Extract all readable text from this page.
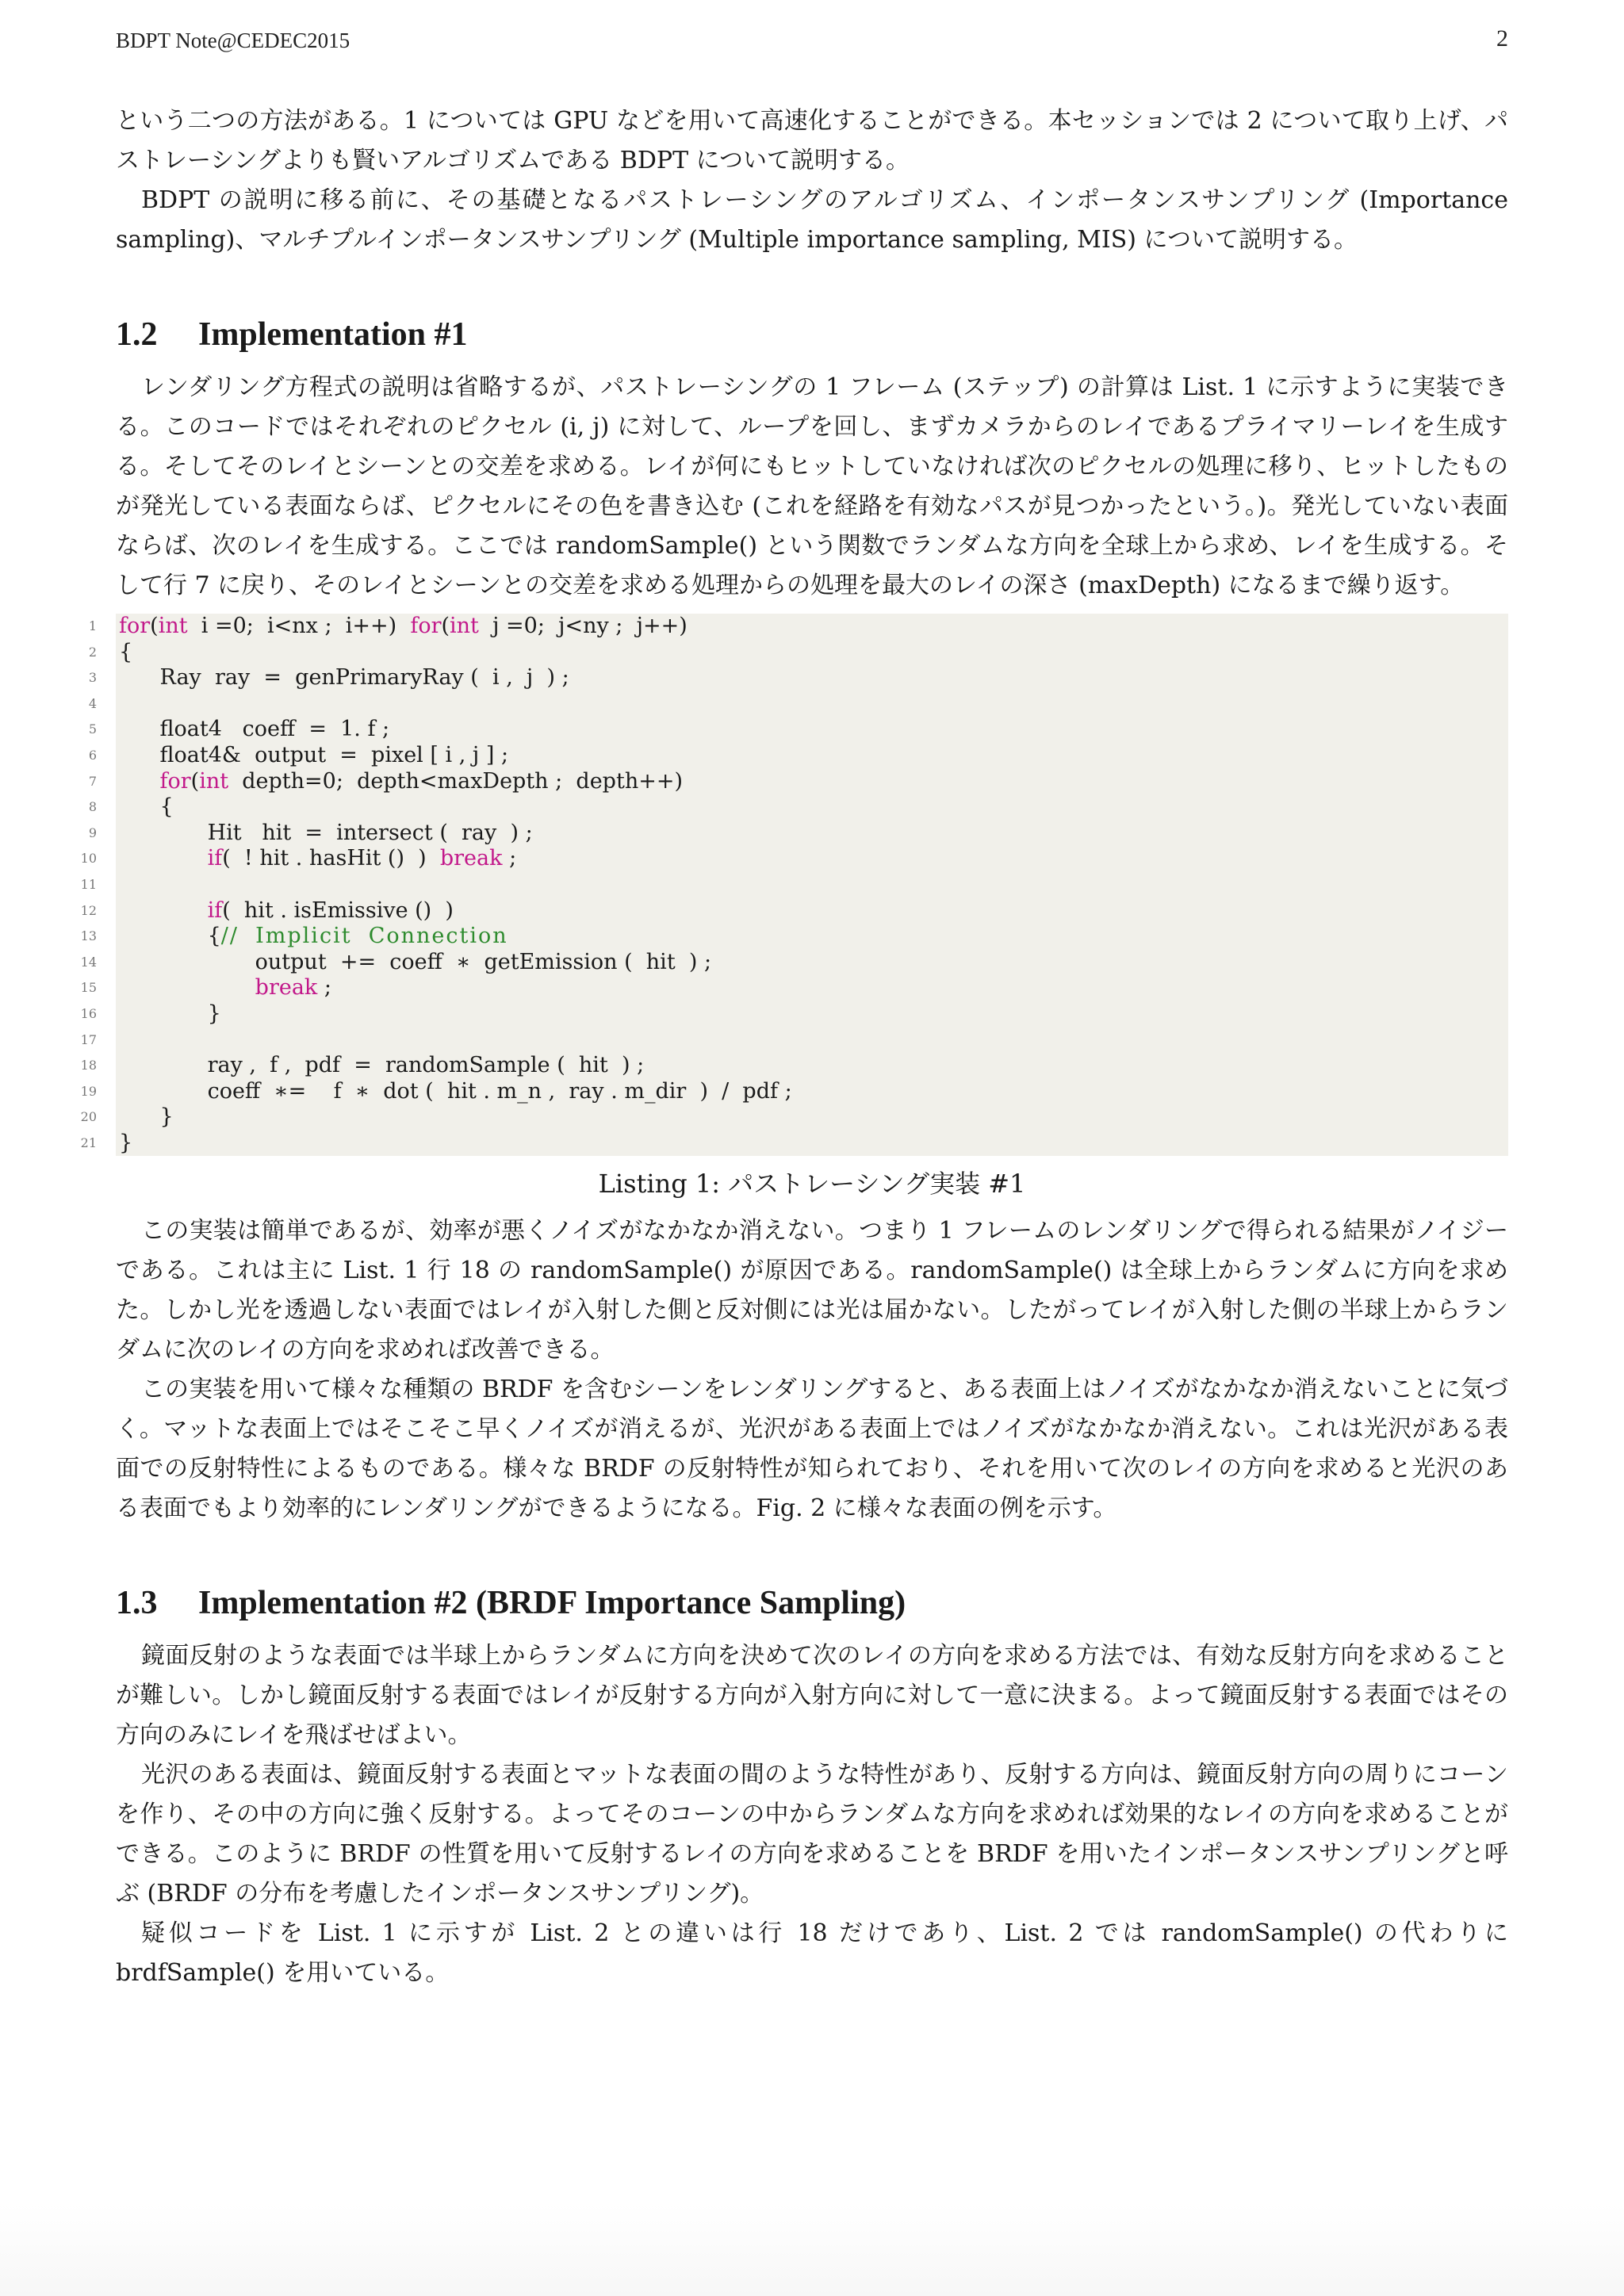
BDPT Note@CEDEC2015	2

という二つの方法がある。1 については GPU などを用いて高速化することができる。本セッションでは 2 について取り上げ、パストレーシングよりも賢いアルゴリズムである BDPT について説明する。

BDPT の説明に移る前に、その基礎となるパストレーシングのアルゴリズム、インポータンスサンプリング (Importance sampling)、マルチプルインポータンスサンプリング (Multiple importance sampling, MIS) について説明する。

1.2	Implementation #1

レンダリング方程式の説明は省略するが、パストレーシングの 1 フレーム (ステップ) の計算は List. 1 に示すように実装できる。このコードではそれぞれのピクセル (i, j) に対して、ループを回し、まずカメラからのレイであるプライマリーレイを生成する。そしてそのレイとシーンとの交差を求める。レイが何にもヒットしていなければ次のピクセルの処理に移り、ヒットしたものが発光している表面ならば、ピクセルにその色を書き込む (これを経路を有効なパスが見つかったという。)。発光していない表面ならば、次のレイを生成する。ここでは randomSample() という関数でランダムな方向を全球上から求め、レイを生成する。そして行 7 に戻り、そのレイとシーンとの交差を求める処理からの処理を最大のレイの深さ (maxDepth) になるまで繰り返す。

1 for(int  i =0;  i<nx ;  i++)  for(int  j =0;  j<ny ;  j++)
2 {
3 Ray  ray  =  genPrimaryRay (  i ,  j  ) ;
4
5 float4   coeff  =  1. f ;
6 float4&  output  =  pixel [ i , j ] ;
7	for(int  depth=0;  depth<maxDepth ;  depth++)
8 {
9 Hit   hit  =  intersect (  ray  ) ;
10	if(  ! hit . hasHit ()  )  break ;
11
12	if(  hit . isEmissive ()  )
13 {//  Implicit  Connection
14 output  +=  coeff  ∗  getEmission (  hit  ) ;
15	break ;
16 }
17
18 ray ,  f ,  pdf  =  randomSample (  hit  ) ;
19 coeff  ∗=    f  ∗  dot (  hit . m_n ,  ray . m_dir  )  /  pdf ;
20 }
21 }

Listing 1: パストレーシング実装 #1

この実装は簡単であるが、効率が悪くノイズがなかなか消えない。つまり 1 フレームのレンダリングで得られる結果がノイジーである。これは主に List. 1 行 18 の randomSample() が原因である。randomSample() は全球上からランダムに方向を求めた。しかし光を透過しない表面ではレイが入射した側と反対側には光は届かない。したがってレイが入射した側の半球上からランダムに次のレイの方向を求めれば改善できる。

この実装を用いて様々な種類の BRDF を含むシーンをレンダリングすると、ある表面上はノイズがなかなか消えないことに気づく。マットな表面上ではそこそこ早くノイズが消えるが、光沢がある表面上ではノイズがなかなか消えない。これは光沢がある表面での反射特性によるものである。様々な BRDF の反射特性が知られており、それを用いて次のレイの方向を求めると光沢のある表面でもより効率的にレンダリングができるようになる。Fig. 2 に様々な表面の例を示す。

1.3	Implementation #2 (BRDF Importance Sampling)

鏡面反射のような表面では半球上からランダムに方向を決めて次のレイの方向を求める方法では、有効な反射方向を求めることが難しい。しかし鏡面反射する表面ではレイが反射する方向が入射方向に対して一意に決まる。よって鏡面反射する表面ではその方向のみにレイを飛ばせばよい。

光沢のある表面は、鏡面反射する表面とマットな表面の間のような特性があり、反射する方向は、鏡面反射方向の周りにコーンを作り、その中の方向に強く反射する。よってそのコーンの中からランダムな方向を求めれば効果的なレイの方向を求めることができる。このように BRDF の性質を用いて反射するレイの方向を求めることを BRDF を用いたインポータンスサンプリングと呼ぶ (BRDF の分布を考慮したインポータンスサンプリング)。

疑似コードを List. 1 に示すが List. 2 との違いは行 18 だけであり、List. 2 では randomSample() の代わりに brdfSample() を用いている。
